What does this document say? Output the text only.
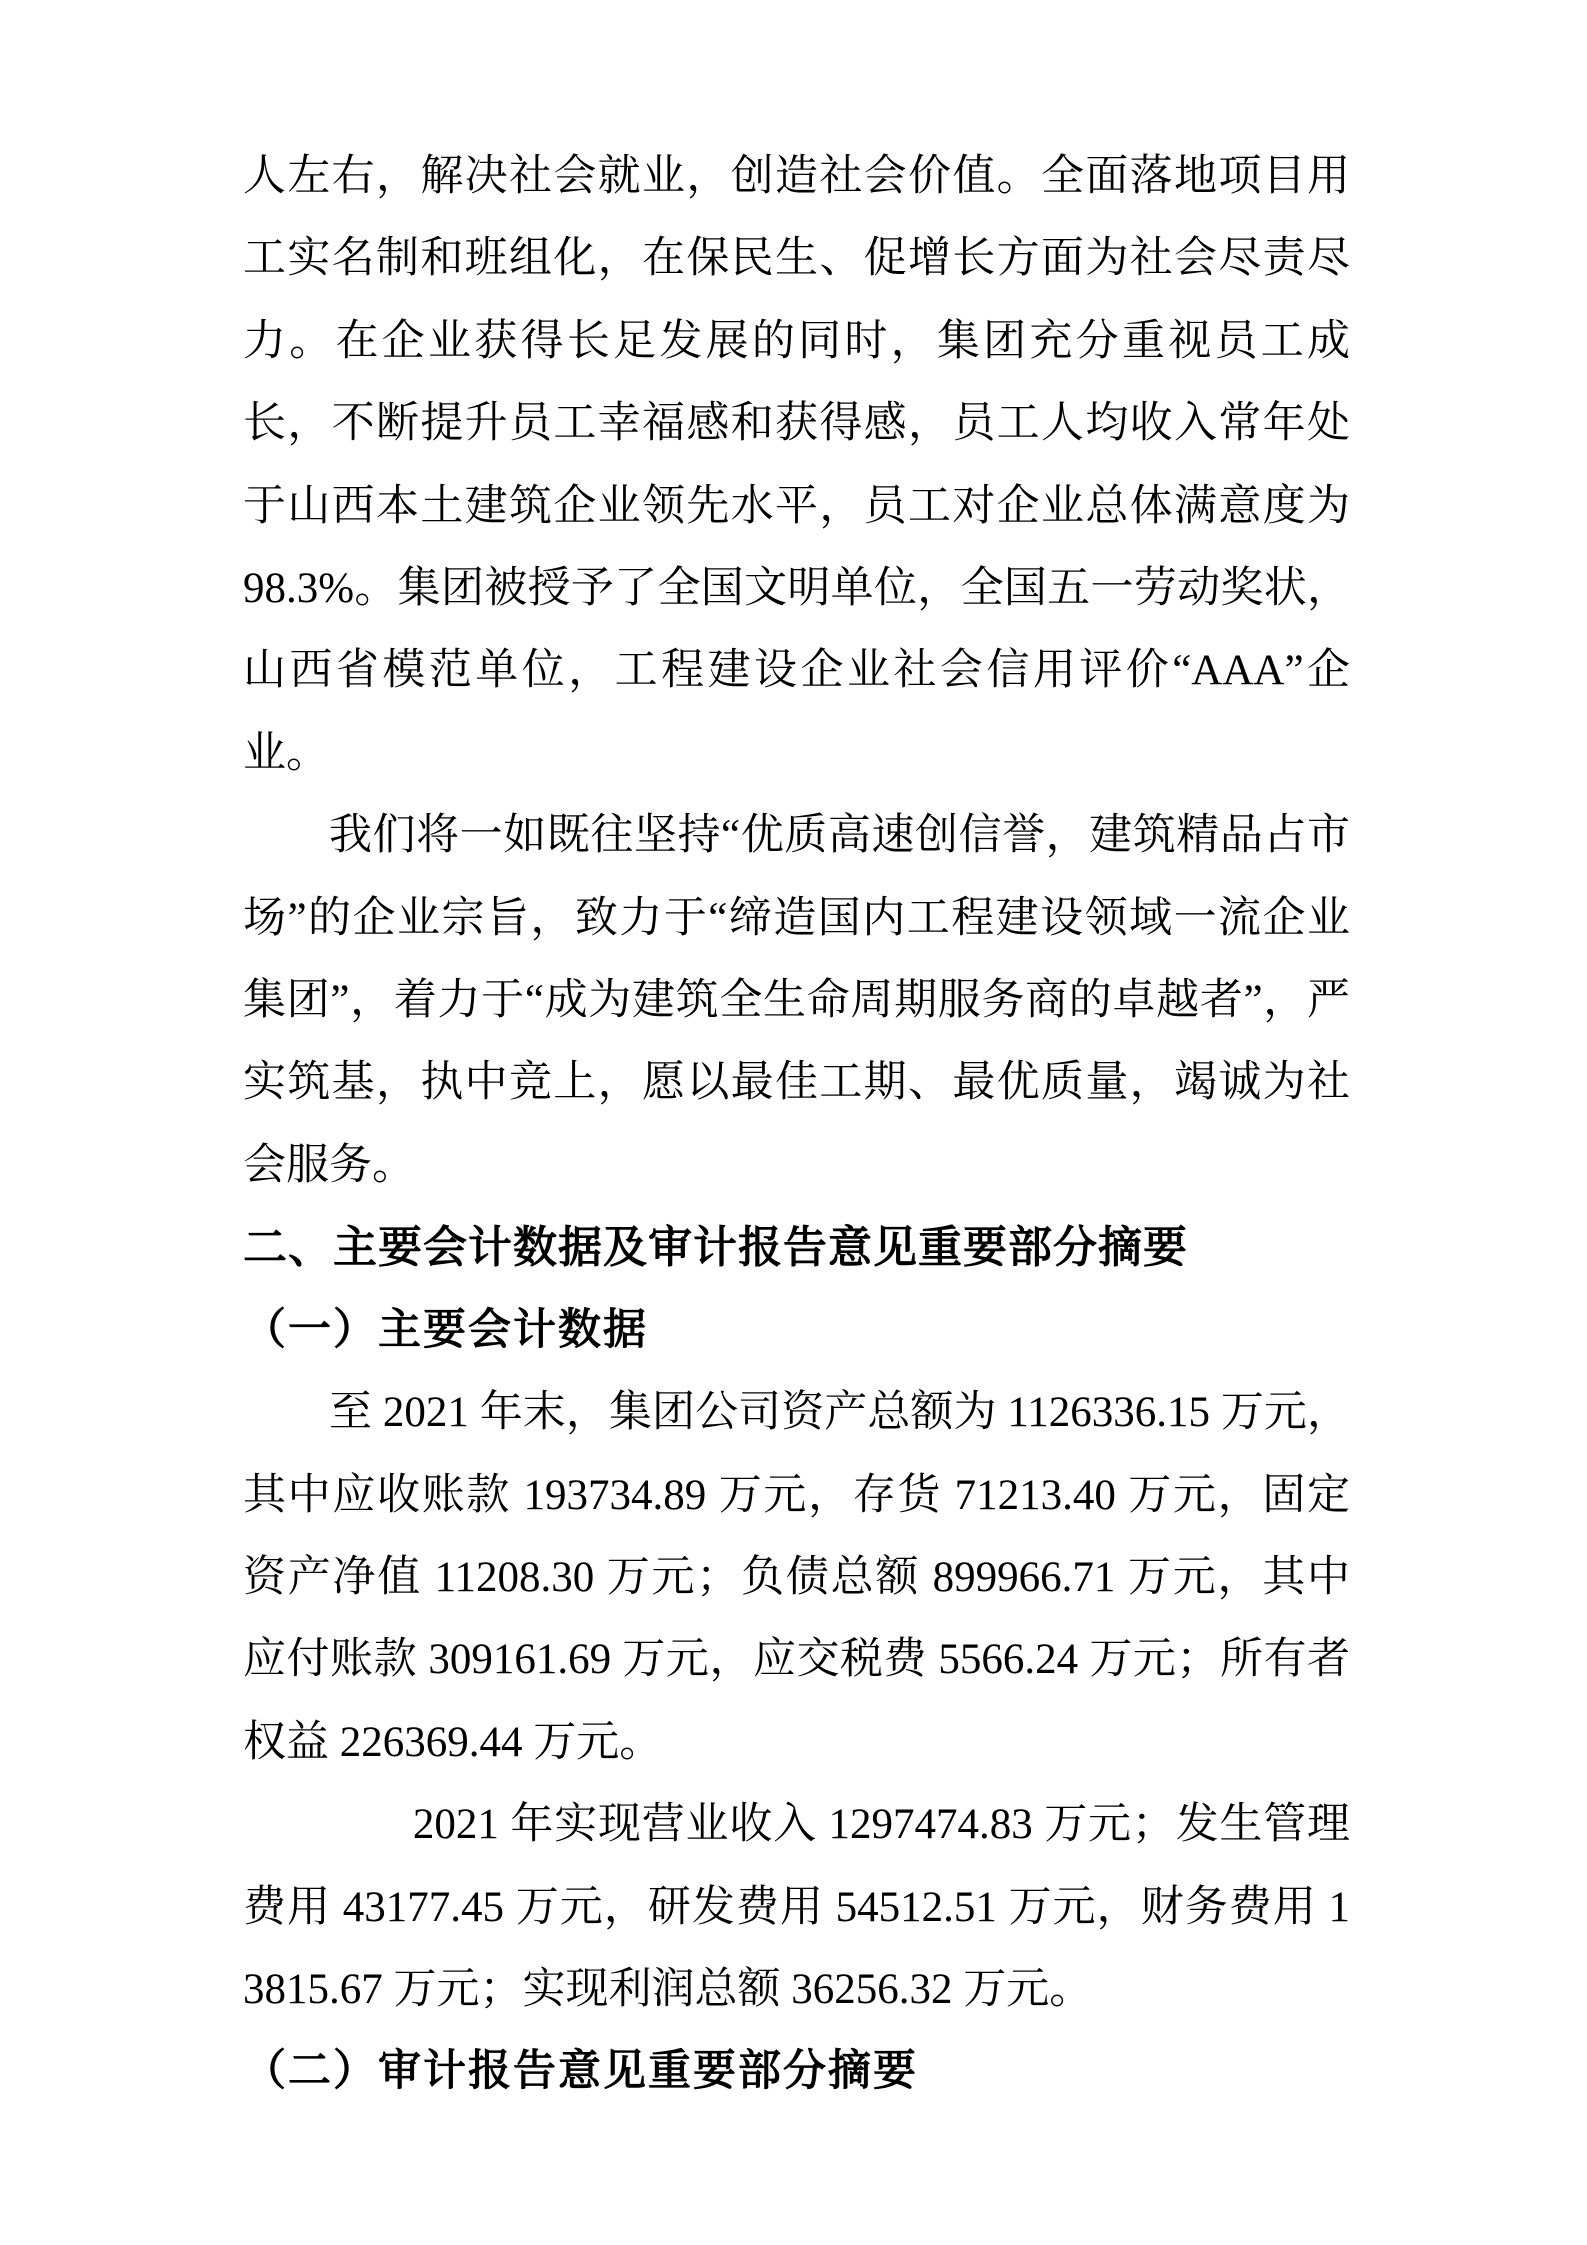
人左右，解决社会就业，创造社会价值。全面落地项目用工实名制和班组化，在保民生、促增长方面为社会尽责尽力。在企业获得长足发展的同时，集团充分重视员工成长，不断提升员工幸福感和获得感，员工人均收入常年处于山西本土建筑企业领先水平，员工对企业总体满意度为 98.3%。集团被授予了全国文明单位，全国五一劳动奖状，山西省模范单位，工程建设企业社会信用评价“AAA”企业。

我们将一如既往坚持“优质高速创信誉，建筑精品占市场”的企业宗旨，致力于“缔造国内工程建设领域一流企业集团”，着力于“成为建筑全生命周期服务商的卓越者”，严实筑基，执中竞上，愿以最佳工期、最优质量，竭诚为社会服务。

二、主要会计数据及审计报告意见重要部分摘要
（一）主要会计数据

至 2021 年末，集团公司资产总额为 1126336.15 万元，其中应收账款 193734.89 万元，存货 71213.40 万元，固定资产净值 11208.30 万元；负债总额 899966.71 万元，其中应付账款 309161.69 万元，应交税费 5566.24 万元；所有者权益 226369.44 万元。

2021 年实现营业收入 1297474.83 万元；发生管理费用 43177.45 万元，研发费用 54512.51 万元，财务费用 13815.67 万元；实现利润总额 36256.32 万元。

（二）审计报告意见重要部分摘要
